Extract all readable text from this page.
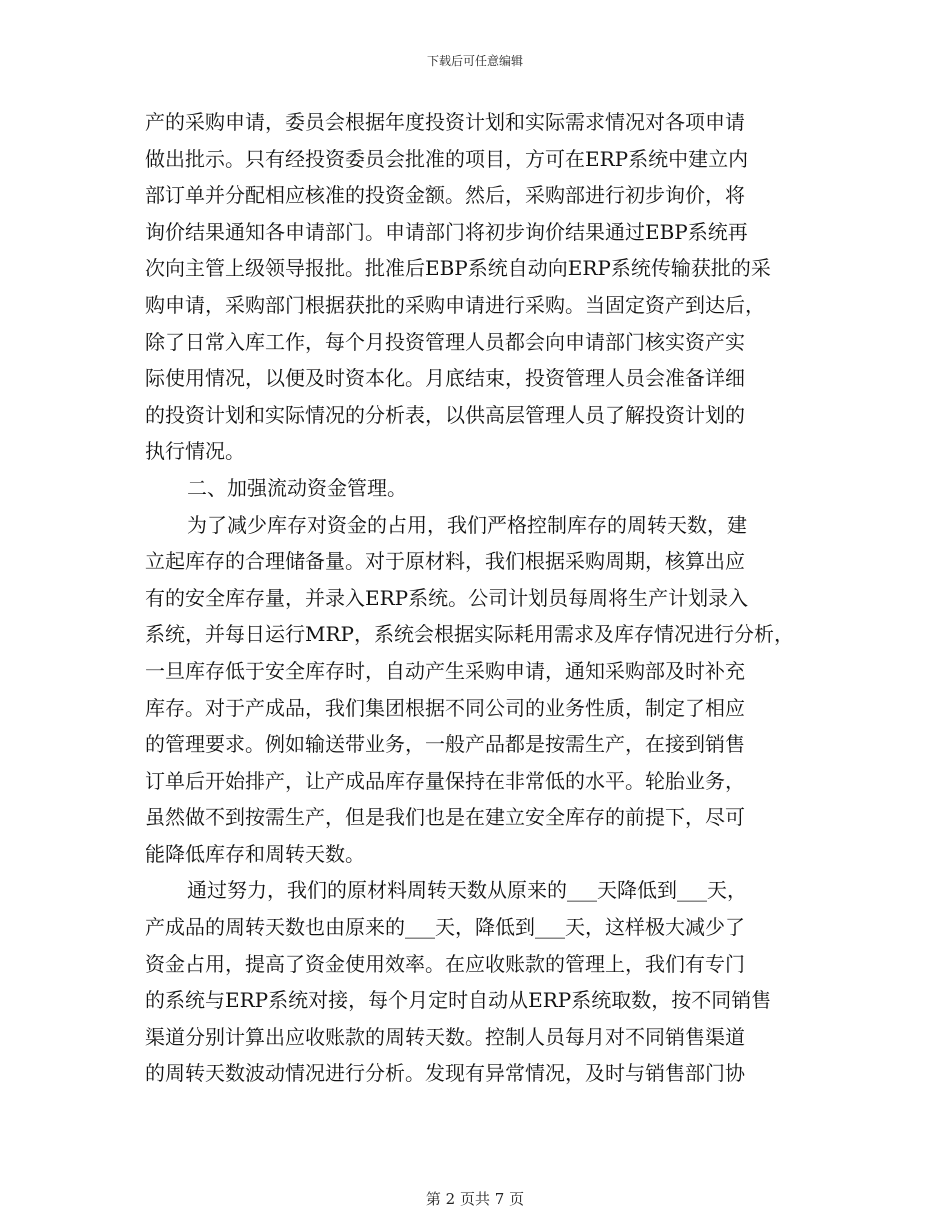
下载后可任意编辑
产的采购申请，委员会根据年度投资计划和实际需求情况对各项申请
做出批示。只有经投资委员会批准的项目，方可在ERP系统中建立内
部订单并分配相应核准的投资金额。然后，采购部进行初步询价，将
询价结果通知各申请部门。申请部门将初步询价结果通过EBP系统再
次向主管上级领导报批。批准后EBP系统自动向ERP系统传输获批的采
购申请，采购部门根据获批的采购申请进行采购。当固定资产到达后，
除了日常入库工作，每个月投资管理人员都会向申请部门核实资产实
际使用情况，以便及时资本化。月底结束，投资管理人员会准备详细
的投资计划和实际情况的分析表，以供高层管理人员了解投资计划的
执行情况。
二、加强流动资金管理。
为了减少库存对资金的占用，我们严格控制库存的周转天数，建
立起库存的合理储备量。对于原材料，我们根据采购周期，核算出应
有的安全库存量，并录入ERP系统。公司计划员每周将生产计划录入
系统，并每日运行MRP，系统会根据实际耗用需求及库存情况进行分析，
一旦库存低于安全库存时，自动产生采购申请，通知采购部及时补充
库存。对于产成品，我们集团根据不同公司的业务性质，制定了相应
的管理要求。例如输送带业务，一般产品都是按需生产，在接到销售
订单后开始排产，让产成品库存量保持在非常低的水平。轮胎业务，
虽然做不到按需生产，但是我们也是在建立安全库存的前提下，尽可
能降低库存和周转天数。
通过努力，我们的原材料周转天数从原来的___天降低到___天，
产成品的周转天数也由原来的___天，降低到___天，这样极大减少了
资金占用，提高了资金使用效率。在应收账款的管理上，我们有专门
的系统与ERP系统对接，每个月定时自动从ERP系统取数，按不同销售
渠道分别计算出应收账款的周转天数。控制人员每月对不同销售渠道
的周转天数波动情况进行分析。发现有异常情况，及时与销售部门协
第 2 页共 7 页
